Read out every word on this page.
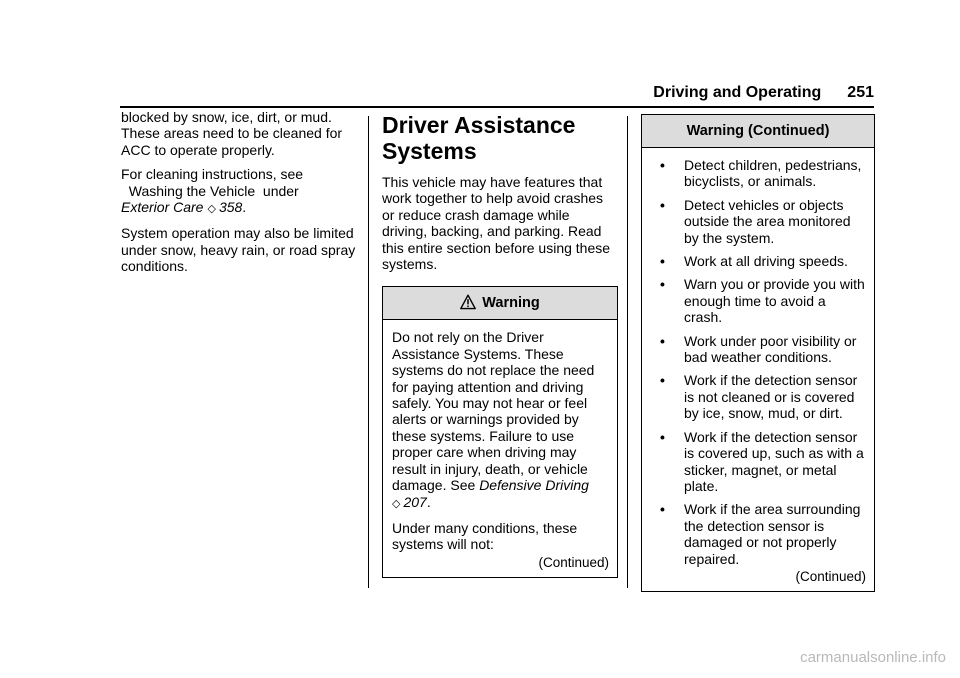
Driving and Operating 251

blocked by snow, ice, dirt, or mud. These areas need to be cleaned for ACC to operate properly.

For cleaning instructions, see
Washing the Vehicle under
Exterior Care ◇ 358.

System operation may also be limited under snow, heavy rain, or road spray conditions.

Driver Assistance Systems

This vehicle may have features that work together to help avoid crashes or reduce crash damage while driving, backing, and parking. Read this entire section before using these systems.

Warning

Do not rely on the Driver Assistance Systems. These systems do not replace the need for paying attention and driving safely. You may not hear or feel alerts or warnings provided by these systems. Failure to use proper care when driving may result in injury, death, or vehicle damage. See Defensive Driving
◇ 207.

Under many conditions, these systems will not:

(Continued)
Warning (Continued)
• Detect children, pedestrians, bicyclists, or animals.
• Detect vehicles or objects outside the area monitored by the system.
• Work at all driving speeds.
• Warn you or provide you with enough time to avoid a crash.
• Work under poor visibility or bad weather conditions.
• Work if the detection sensor is not cleaned or is covered by ice, snow, mud, or dirt.
• Work if the detection sensor is covered up, such as with a sticker, magnet, or metal plate.
• Work if the area surrounding the detection sensor is damaged or not properly repaired.
(Continued)
carmanualsonline.info
